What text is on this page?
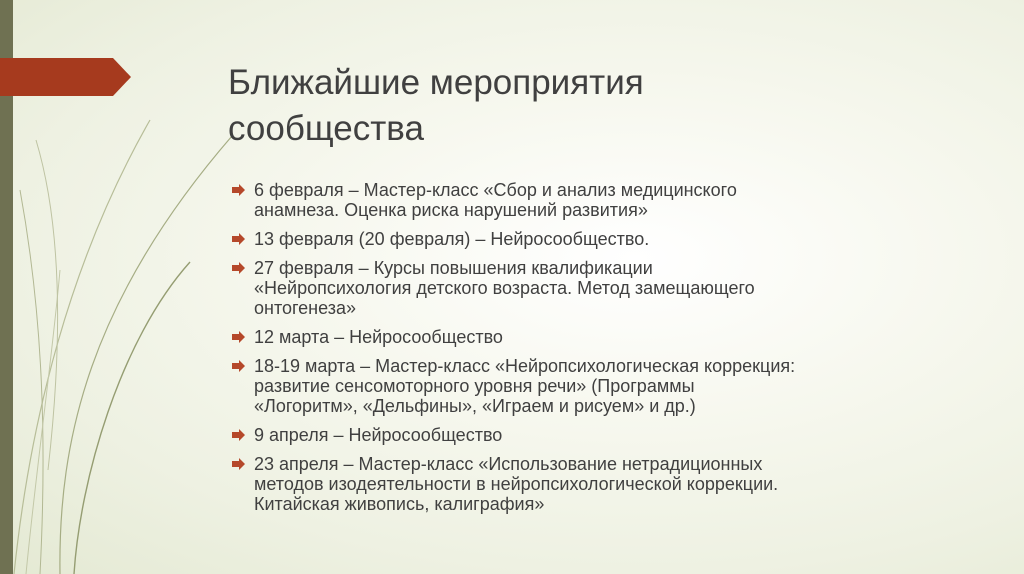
Ближайшие мероприятия
сообщества
6 февраля – Мастер-класс «Сбор и анализ медицинского
анамнеза. Оценка риска нарушений развития»
13 февраля (20 февраля) – Нейросообщество.
27 февраля – Курсы повышения квалификации
«Нейропсихология детского возраста. Метод замещающего
онтогенеза»
12 марта – Нейросообщество
18-19 марта – Мастер-класс «Нейропсихологическая коррекция:
развитие сенсомоторного уровня речи» (Программы
«Логоритм», «Дельфины», «Играем и рисуем» и др.)
9 апреля – Нейросообщество
23 апреля – Мастер-класс «Использование нетрадиционных
методов изодеятельности в нейропсихологической коррекции.
Китайская живопись, калиграфия»
